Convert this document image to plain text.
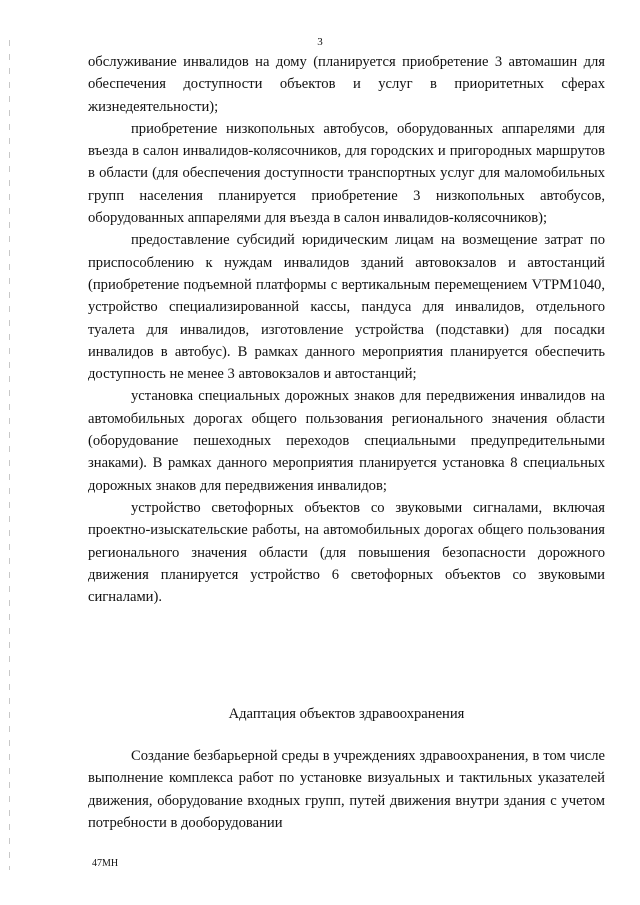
3

обслуживание инвалидов на дому (планируется приобретение 3 автомашин для обеспечения доступности объектов и услуг в приоритетных сферах жизнедеятельности);

приобретение низкопольных автобусов, оборудованных аппарелями для въезда в салон инвалидов-колясочников, для городских и пригородных маршрутов в области (для обеспечения доступности транспортных услуг для маломобильных групп населения планируется приобретение 3 низкопольных автобусов, оборудованных аппарелями для въезда в салон инвалидов-колясочников);

предоставление субсидий юридическим лицам на возмещение затрат по приспособлению к нуждам инвалидов зданий автовокзалов и автостанций (приобретение подъемной платформы с вертикальным перемещением VTPM1040, устройство специализированной кассы, пандуса для инвалидов, отдельного туалета для инвалидов, изготовление устройства (подставки) для посадки инвалидов в автобус). В рамках данного мероприятия планируется обеспечить доступность не менее 3 автовокзалов и автостанций;

установка специальных дорожных знаков для передвижения инвалидов на автомобильных дорогах общего пользования регионального значения области (оборудование пешеходных переходов специальными предупредительными знаками). В рамках данного мероприятия планируется установка 8 специальных дорожных знаков для передвижения инвалидов;

устройство светофорных объектов со звуковыми сигналами, включая проектно-изыскательские работы, на автомобильных дорогах общего пользования регионального значения области (для повышения безопасности дорожного движения планируется устройство 6 светофорных объектов со звуковыми сигналами).

Адаптация объектов здравоохранения

Создание безбарьерной среды в учреждениях здравоохранения, в том числе выполнение комплекса работ по установке визуальных и тактильных указателей движения, оборудование входных групп, путей движения внутри здания с учетом потребности в дооборудовании

47МН
